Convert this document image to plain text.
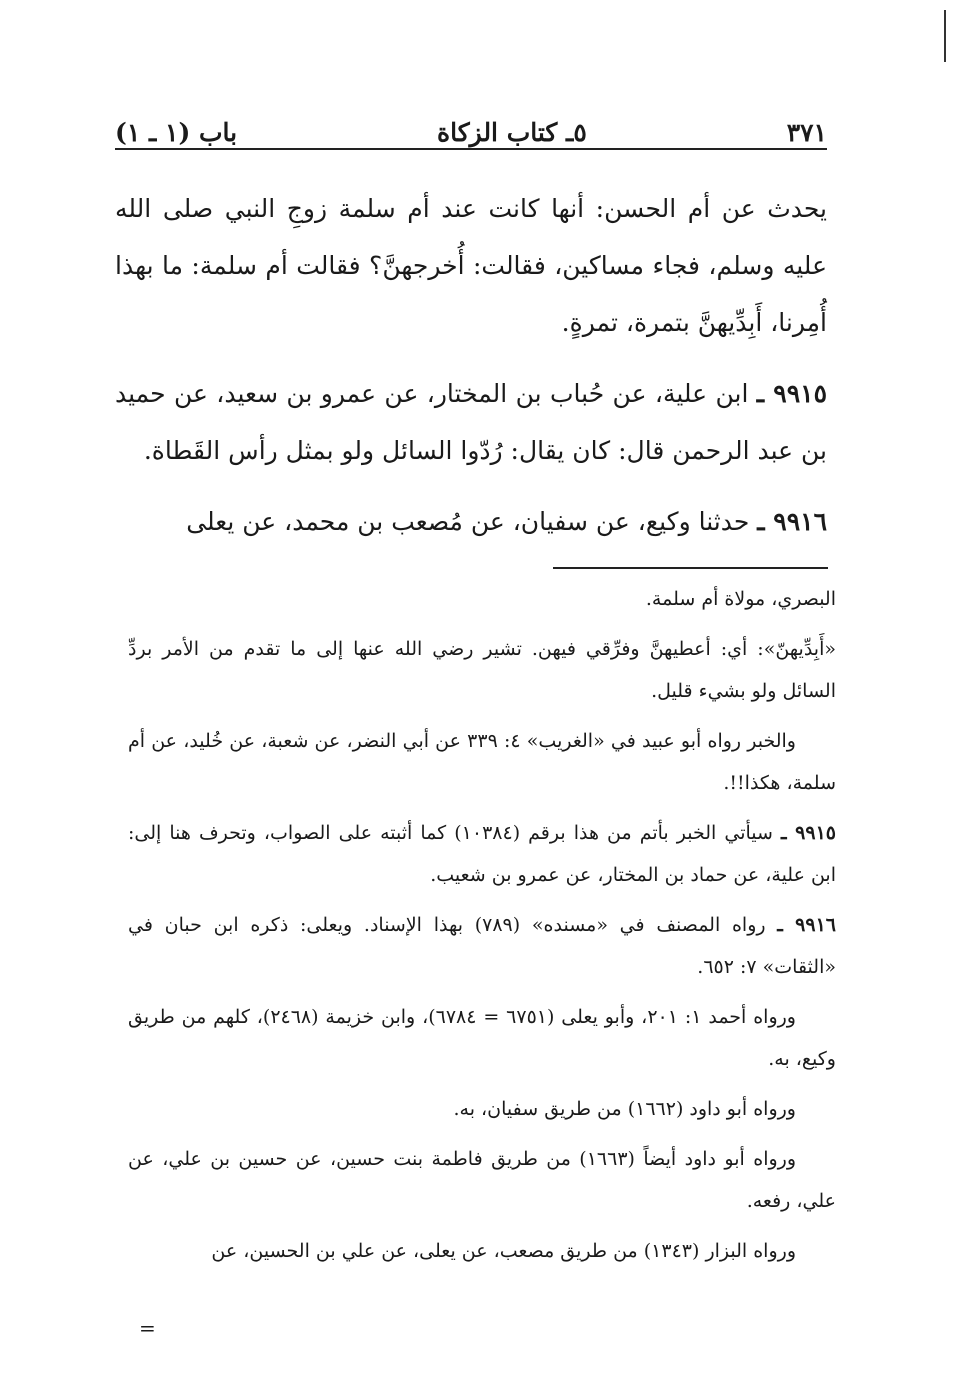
٣٧١
٥ـ كتاب الزكاة
باب (١ ـ ١)

يحدث عن أم الحسن: أنها كانت عند أم سلمة زوجِ النبي صلى الله عليه وسلم، فجاء مساكين، فقالت: أُخرجهنَّ؟ فقالت أم سلمة: ما بهذا أُمِرنا، أَبِدِّيهنَّ بتمرة، تمرةٍ.

٩٩١٥ ـ ابن علية، عن حُباب بن المختار، عن عمرو بن سعيد، عن حميد بن عبد الرحمن قال: كان يقال: رُدّوا السائل ولو بمثل رأس القَطاة.

٩٩١٦ ـ حدثنا وكيع، عن سفيان، عن مُصعب بن محمد، عن يعلى

البصري، مولاة أم سلمة.

«أَبِدِّيهنّ»: أي: أعطيهنَّ وفرِّقي فيهن. تشير رضي الله عنها إلى ما تقدم من الأمر بردِّ السائل ولو بشيء قليل.

والخبر رواه أبو عبيد في «الغريب» ٤: ٣٣٩ عن أبي النضر، عن شعبة، عن خُليد، عن أم سلمة، هكذا!!.

٩٩١٥ ـ سيأتي الخبر بأتم من هذا برقم (١٠٣٨٤) كما أثبته على الصواب، وتحرف هنا إلى: ابن علية، عن حماد بن المختار، عن عمرو بن شعيب.

٩٩١٦ ـ رواه المصنف في «مسنده» (٧٨٩) بهذا الإسناد. ويعلى: ذكره ابن حبان في «الثقات» ٧: ٦٥٢.

ورواه أحمد ١: ٢٠١، وأبو يعلى (٦٧٥١ = ٦٧٨٤)، وابن خزيمة (٢٤٦٨)، كلهم من طريق وكيع، به.

ورواه أبو داود (١٦٦٢) من طريق سفيان، به.

ورواه أبو داود أيضاً (١٦٦٣) من طريق فاطمة بنت حسين، عن حسين بن علي، عن علي، رفعه.

ورواه البزار (١٣٤٣) من طريق مصعب، عن يعلى، عن علي بن الحسين، عن

=
